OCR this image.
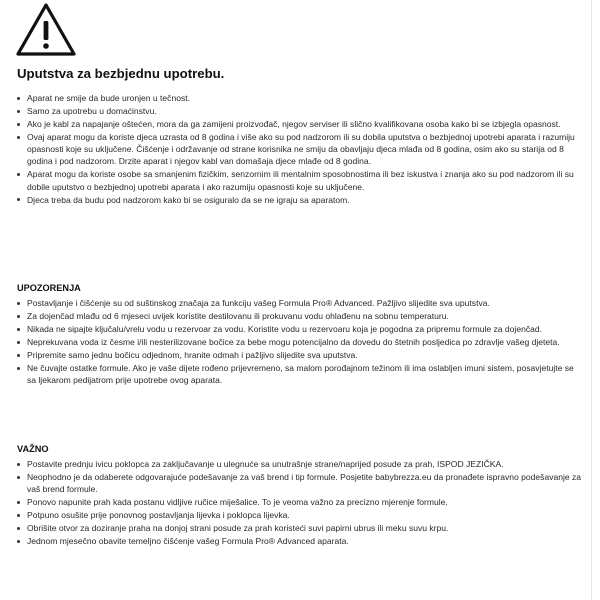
Uputstva za bezbjednu upotrebu.
Aparat ne smije da bude uronjen u tečnost.
Samo za upotrebu u domaćinstvu.
Ako je kabl za napajanje oštećen, mora da ga zamijeni proizvođač, njegov serviser ili slično kvalifikovana osoba kako bi se izbjegla opasnost.
Ovaj aparat mogu da koriste djeca uzrasta od 8 godina i više ako su pod nadzorom ili su dobila uputstva o bezbjednoj upotrebi aparata i razumiju opasnosti koje su uključene. Čišćenje i održavanje od strane korisnika ne smiju da obavljaju djeca mlađa od 8 godina, osim ako su starija od 8 godina i pod nadzorom. Drzite aparat i njegov kabl van domašaja djece mlađe od 8 godina.
Aparat mogu da koriste osobe sa smanjenim fizičkim, senzornim ili mentalnim sposobnostima ili bez iskustva i znanja ako su pod nadzorom ili su dobile uputstvo o bezbjednoj upotrebi aparata i ako razumiju opasnosti koje su uključene.
Djeca treba da budu pod nadzorom kako bi se osiguralo da se ne igraju sa aparatom.
UPOZORENJA
Postavljanje i čišćenje su od suštinskog značaja za funkciju vašeg Formula Pro® Advanced. Pažljivo slijedite sva uputstva.
Za dojenčad mlađu od 6 mjeseci uvijek koristite destilovanu ili prokuvanu vodu ohlađenu na sobnu temperaturu.
Nikada ne sipajte ključalu/vrelu vodu u rezervoar za vodu. Koristite vodu u rezervoaru koja je pogodna za pripremu formule za dojenčad.
Neprekuvana voda iz česme i/ili nesterilizovane bočice za bebe mogu potencijalno da dovedu do štetnih posljedica po zdravlje vašeg djeteta.
Pripremite samo jednu bočicu odjednom, hranite odmah i pažljivo slijedite sva uputstva.
Ne čuvajte ostatke formule. Ako je vaše dijete rođeno prijevremeno, sa malom porođajnom težinom ili ima oslabljen imuni sistem, posavjetujte se sa ljekarom pedijatrom prije upotrebe ovog aparata.
VAŽNO
Postavite prednju ivicu poklopca za zaključavanje u ulegnuće sa unutrašnje strane/naprijed posude za prah, ISPOD JEZIČKA.
Neophodno je da odaberete odgovarajuće podešavanje za vaš brend i tip formule. Posjetite babybrezza.eu da pronađete ispravno podešavanje za vaš brend formule.
Ponovo napunite prah kada postanu vidljive ručice miješalice. To je veoma važno za precizno mjerenje formule.
Potpuno osušite prije ponovnog postavljanja lijevka i poklopca lijevka.
Obrišite otvor za doziranje praha na donjoj strani posude za prah koristeći suvi papirni ubrus ili meku suvu krpu.
Jednom mjesečno obavite temeljno čišćenje vašeg Formula Pro® Advanced aparata.
